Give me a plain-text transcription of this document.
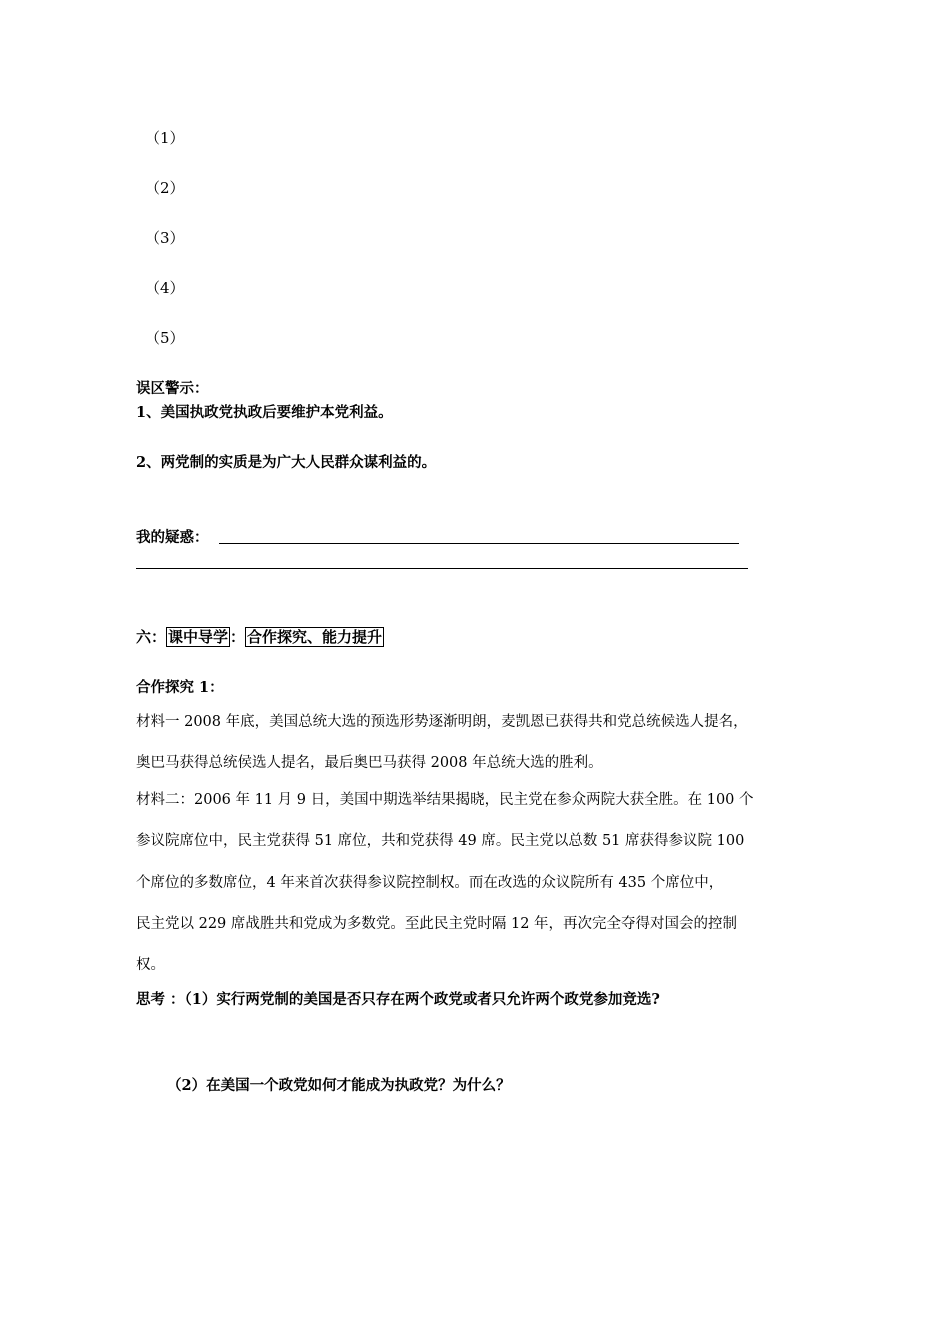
（1）
（2）
（3）
（4）
（5）
误区警示：
1、美国执政党执政后要维护本党利益。
2、两党制的实质是为广大人民群众谋利益的。
我的疑惑：
六： 课中导学 ： 合作探究、能力提升
合作探究 1：
材料一 2008 年底，美国总统大选的预选形势逐渐明朗，麦凯恩已获得共和党总统候选人提名，
奥巴马获得总统侯选人提名，最后奥巴马获得 2008 年总统大选的胜利。
材料二：2006 年 11 月 9 日，美国中期选举结果揭晓，民主党在参众两院大获全胜。在 100 个
参议院席位中，民主党获得 51 席位，共和党获得 49 席。民主党以总数 51 席获得参议院 100
个席位的多数席位，4 年来首次获得参议院控制权。而在改选的众议院所有 435 个席位中，
民主党以 229 席战胜共和党成为多数党。至此民主党时隔 12 年，再次完全夺得对国会的控制
权。
思考 ：（1）实行两党制的美国是否只存在两个政党或者只允许两个政党参加竞选?
（2）在美国一个政党如何才能成为执政党？为什么？
